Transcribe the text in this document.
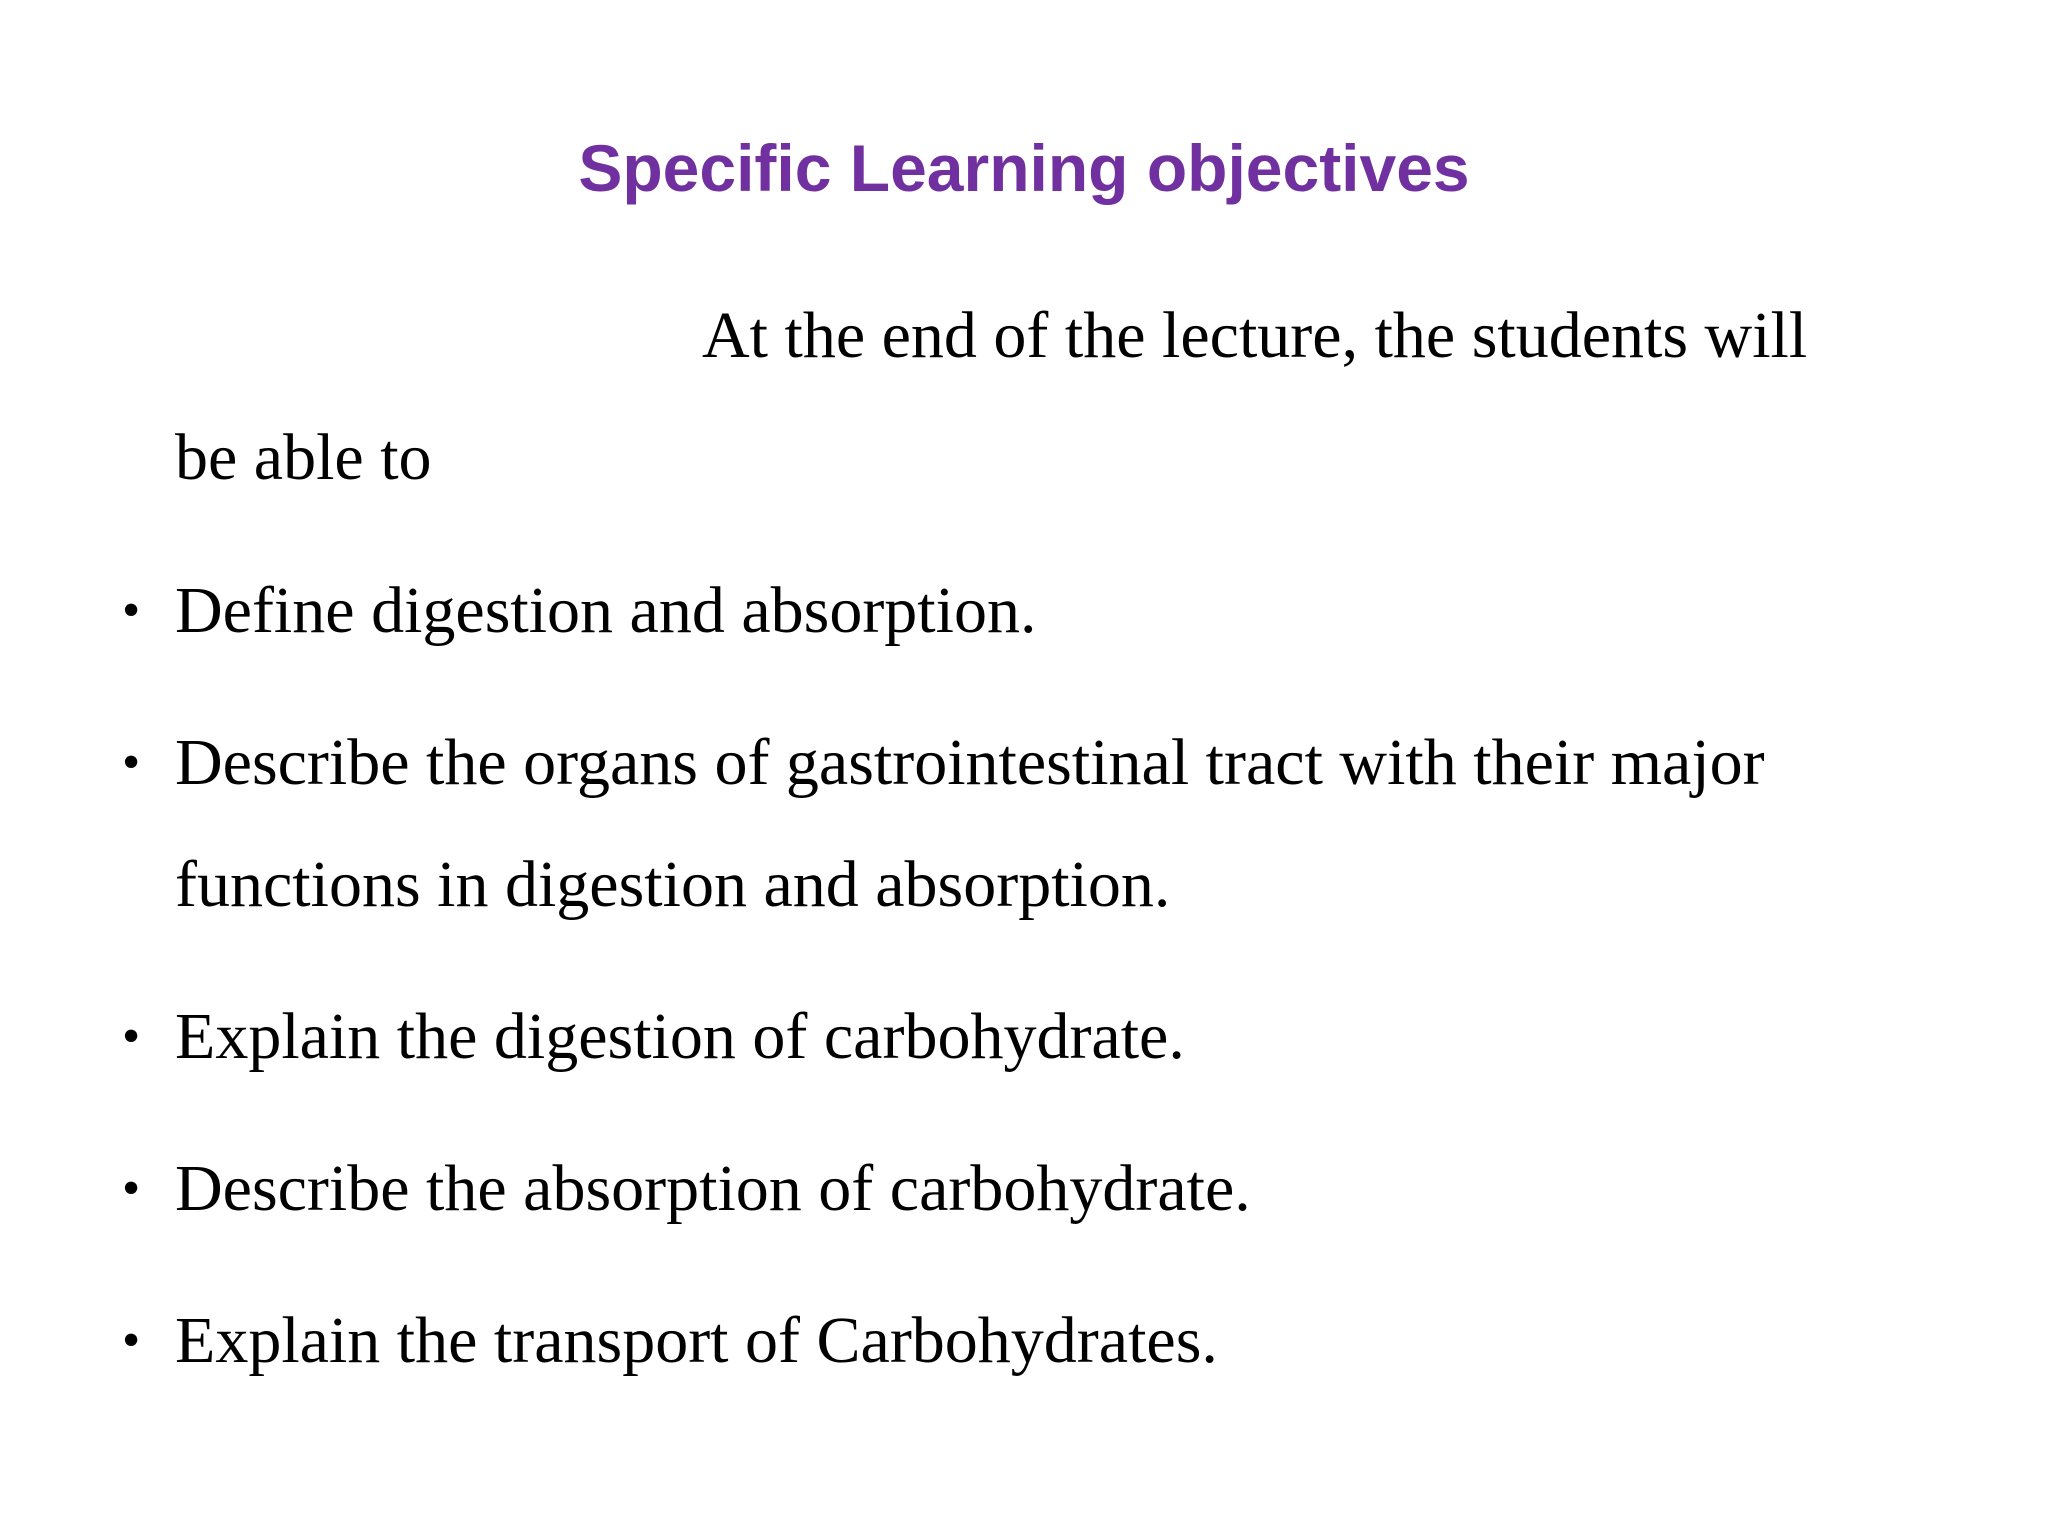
Specific Learning objectives
At the end of the lecture, the students will
be able to
• Define digestion and absorption.
• Describe the organs of gastrointestinal tract with their major functions in digestion and absorption.
• Explain the digestion of carbohydrate.
• Describe the absorption of carbohydrate.
• Explain the transport of Carbohydrates.
